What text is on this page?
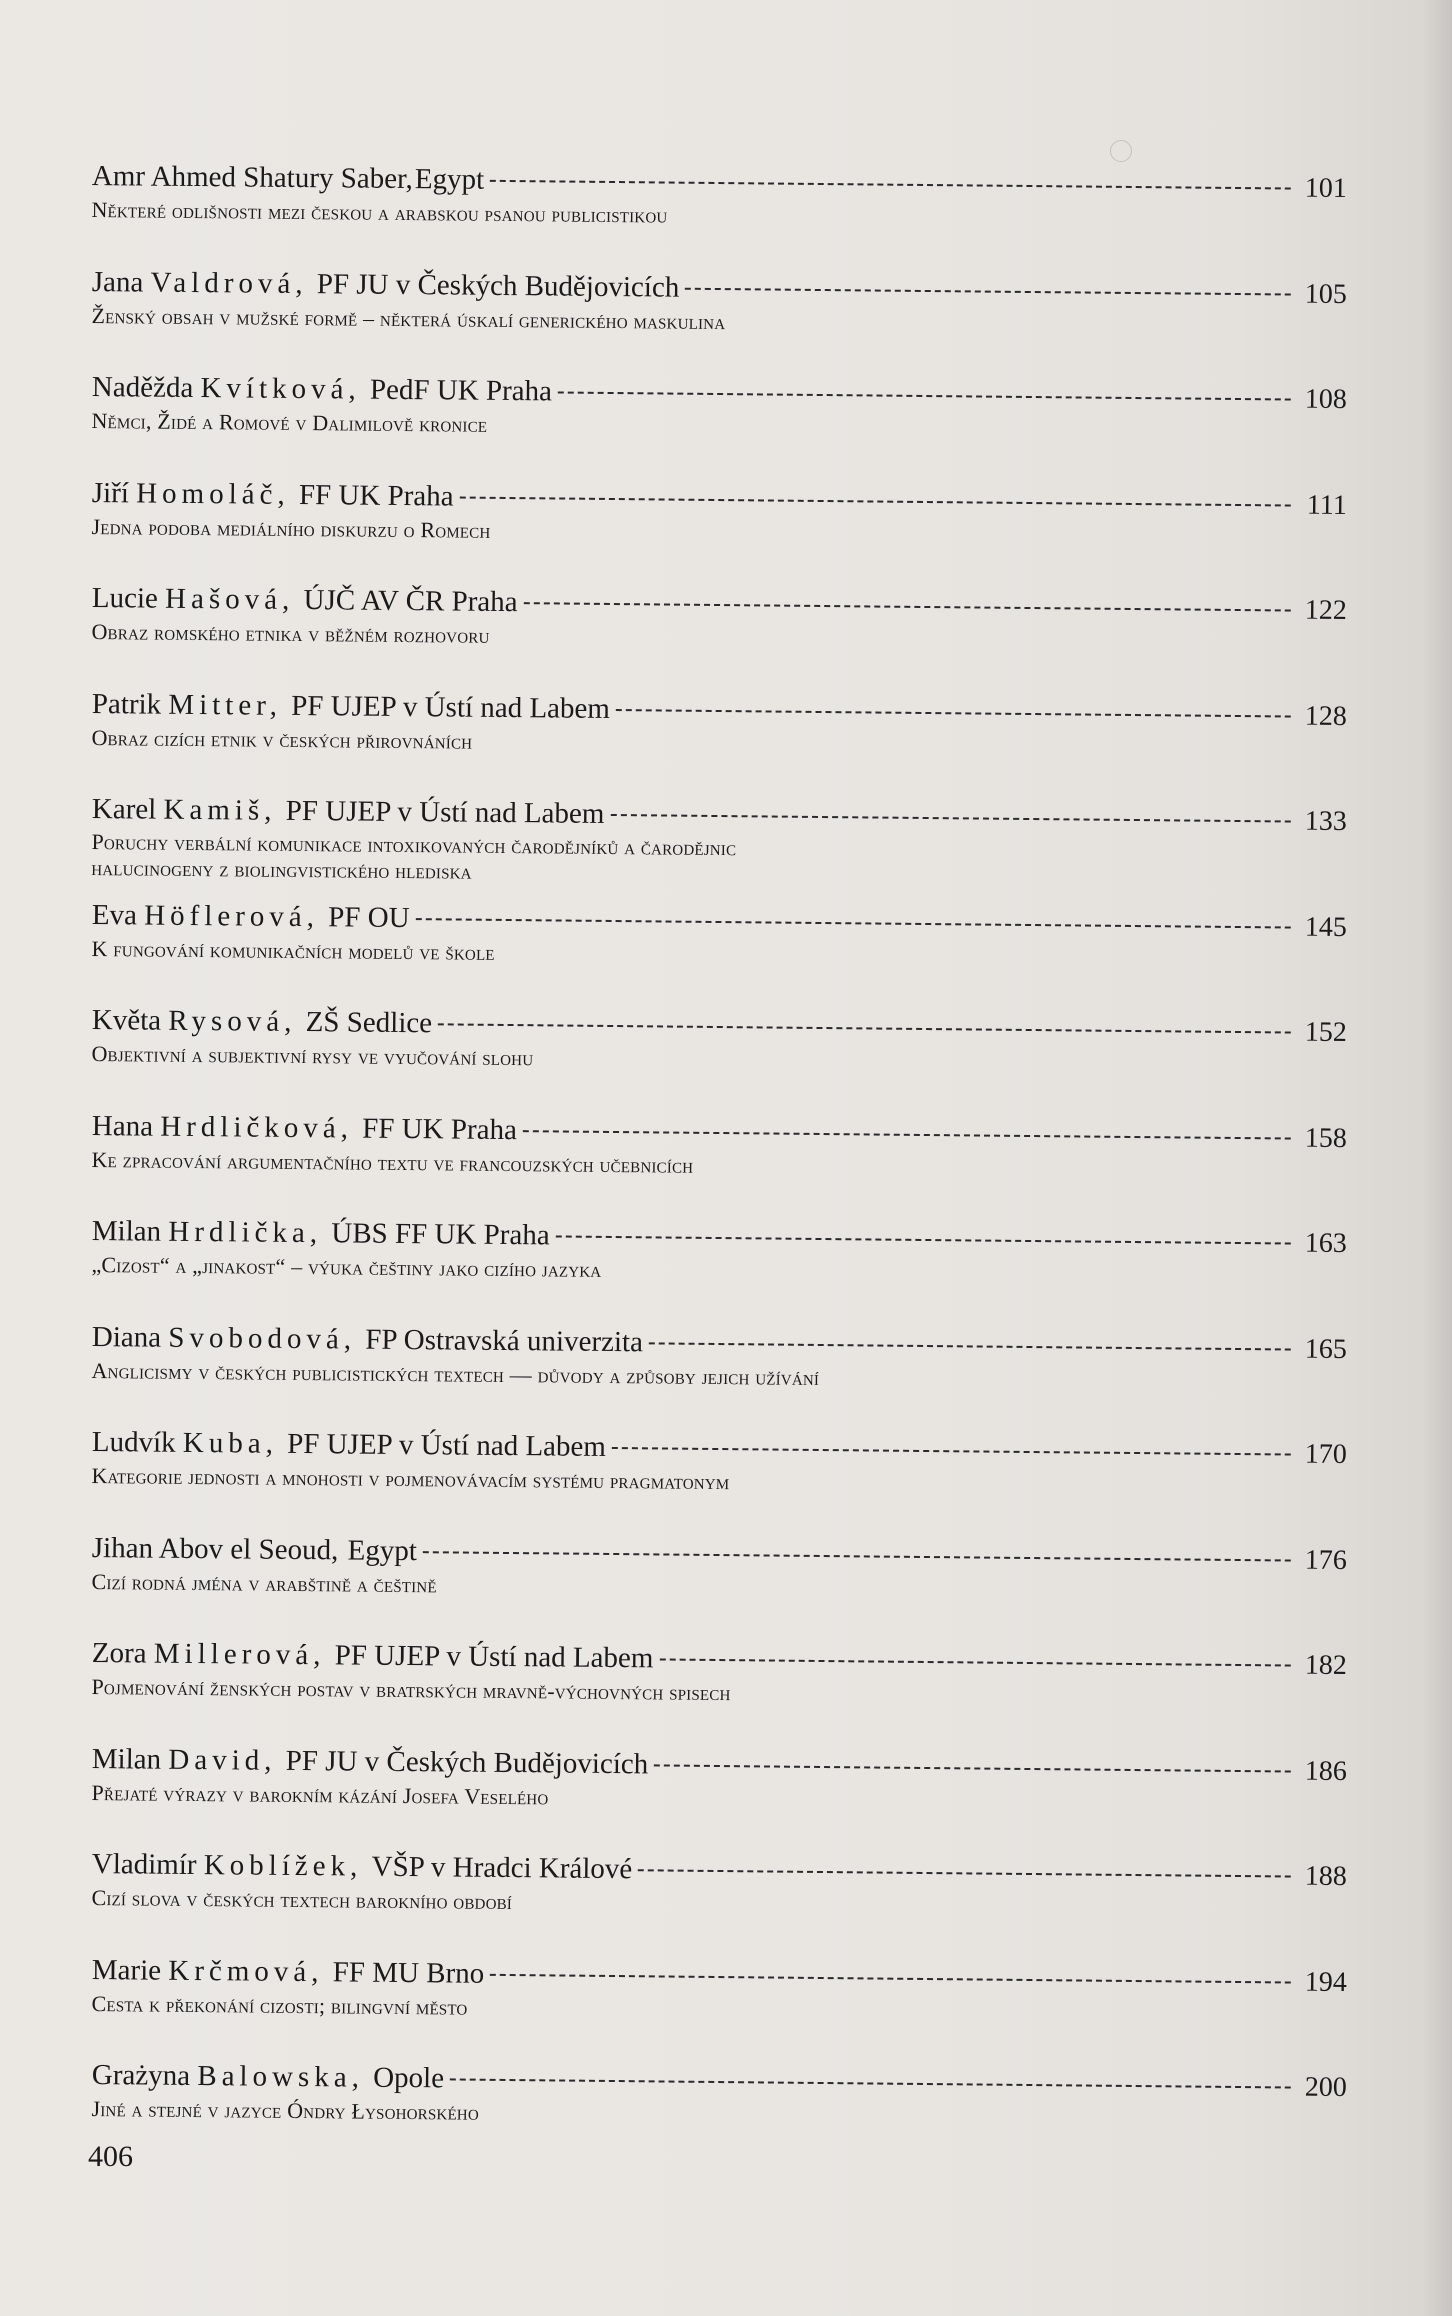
Amr Ahmed Shatury Saber, Egypt	101
Některé odlišnosti mezi českou a arabskou psanou publicistikou
Jana
Valdrová,
PF JU v Českých Budějovicích	105
Ženský obsah v mužské formě – některá úskalí generického maskulina
Naděžda
Kvítková,
PedF UK Praha	108
Němci, Židé a Romové v Dalimilově kronice
Jiří
Homoláč,
FF UK Praha	111
Jedna podoba mediálního diskurzu o Romech
Lucie
Hašová,
ÚJČ AV ČR Praha	122
Obraz romského etnika v běžném rozhovoru
Patrik
Mitter,
PF UJEP v Ústí nad Labem	128
Obraz cizích etnik v českých přirovnáních
Karel
Kamiš,
PF UJEP v Ústí nad Labem	133
Poruchy verbální komunikace intoxikovaných čarodějníků a čarodějnic
halucinogeny z biolingvistického hlediska
Eva
Höflerová,
PF OU	145
K fungování komunikačních modelů ve škole
Květa
Rysová,
ZŠ Sedlice	152
Objektivní a subjektivní rysy ve vyučování slohu
Hana
Hrdličková,
FF UK Praha	158
Ke zpracování argumentačního textu ve francouzských učebnicích
Milan
Hrdlička,
ÚBS FF UK Praha	163
„Cizost“ a „jinakost“ – výuka češtiny jako cizího jazyka
Diana
Svobodová,
FP Ostravská univerzita	165
Anglicismy v českých publicistických textech — důvody a způsoby jejich užívání
Ludvík
Kuba,
PF UJEP v Ústí nad Labem	170
Kategorie jednosti a mnohosti v pojmenovávacím systému pragmatonym
Jihan Abov el Seoud,
Egypt	176
Cizí rodná jména v arabštině a češtině
Zora
Millerová,
PF UJEP v Ústí nad Labem	182
Pojmenování ženských postav v bratrských mravně-výchovných spisech
Milan
David,
PF JU v Českých Budějovicích	186
Přejaté výrazy v barokním kázání Josefa Veselého
Vladimír
Koblížek,
VŠP v Hradci Králové	188
Cizí slova v českých textech barokního období
Marie
Krčmová,
FF MU Brno	194
Cesta k překonání cizosti; bilingvní město
Grażyna
Balowska,
Opole	200
Jiné a stejné v jazyce Óndry Łysohorského
406
